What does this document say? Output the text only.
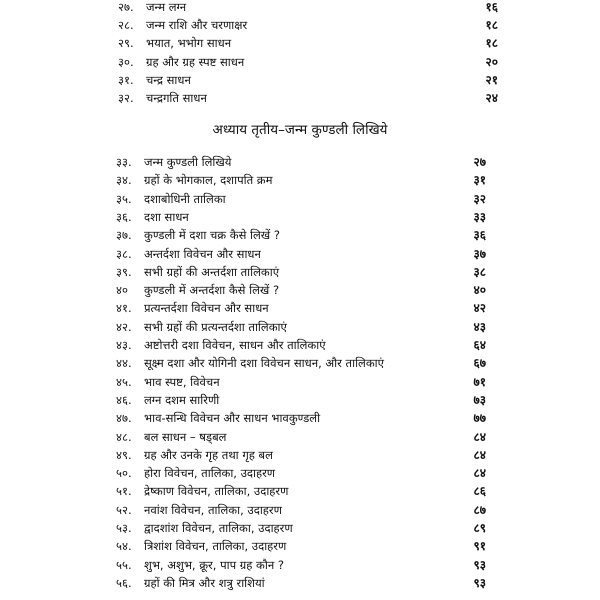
२७. जन्म लग्न	१६
२८. जन्म राशि और चरणाक्षर	१८
२९. भयात, भभोग साधन	१८
३०. ग्रह और ग्रह स्पष्ट साधन	२०
३१. चन्द्र साधन	२१
३२. चन्द्रगति साधन	२४
अध्याय तृतीय–जन्म कुण्डली लिखिये
३३. जन्म कुण्डली लिखिये	२७
३४. ग्रहों के भोगकाल, दशापति क्रम	३१
३५. दशाबोधिनी तालिका	३२
३६. दशा साधन	३३
३७. कुण्डली में दशा चक्र कैसे लिखें ?	३६
३८. अन्तर्दशा विवेचन और साधन	३७
३९. सभी ग्रहों की अन्तर्दशा तालिकाएं	३८
४० कुण्डली में अन्तर्दशा कैसे लिखें ?	४०
४१. प्रत्यन्तर्दशा विवेचन और साधन	४२
४२. सभी ग्रहों की प्रत्यन्तर्दशा तालिकाएं	४३
४३. अष्टोत्तरी दशा विवेचन, साधन और तालिकाएं	६४
४४. सूक्ष्म दशा और योगिनी दशा विवेचन साधन, और तालिकाएं	६७
४५. भाव स्पष्ट, विवेचन	७१
४६. लग्न दशम सारिणी	७३
४७. भाव-सन्धि विवेचन और साधन भावकुण्डली	७७
४८. बल साधन – षड्बल	८४
४९. ग्रह और उनके गृह तथा गृह बल	८४
५०. होरा विवेचन, तालिका, उदाहरण	८४
५१. द्रेष्काण विवेचन, तालिका, उदाहरण	८६
५२. नवांश विवेचन, तालिका, उदाहरण	८७
५३. द्वादशांश विवेचन, तालिका, उदाहरण	८९
५४. त्रिशांश विवेचन, तालिका, उदाहरण	९१
५५. शुभ, अशुभ, क्रूर, पाप ग्रह कौन ?	९३
५६. ग्रहों की मित्र और शत्रु राशियां	९३
